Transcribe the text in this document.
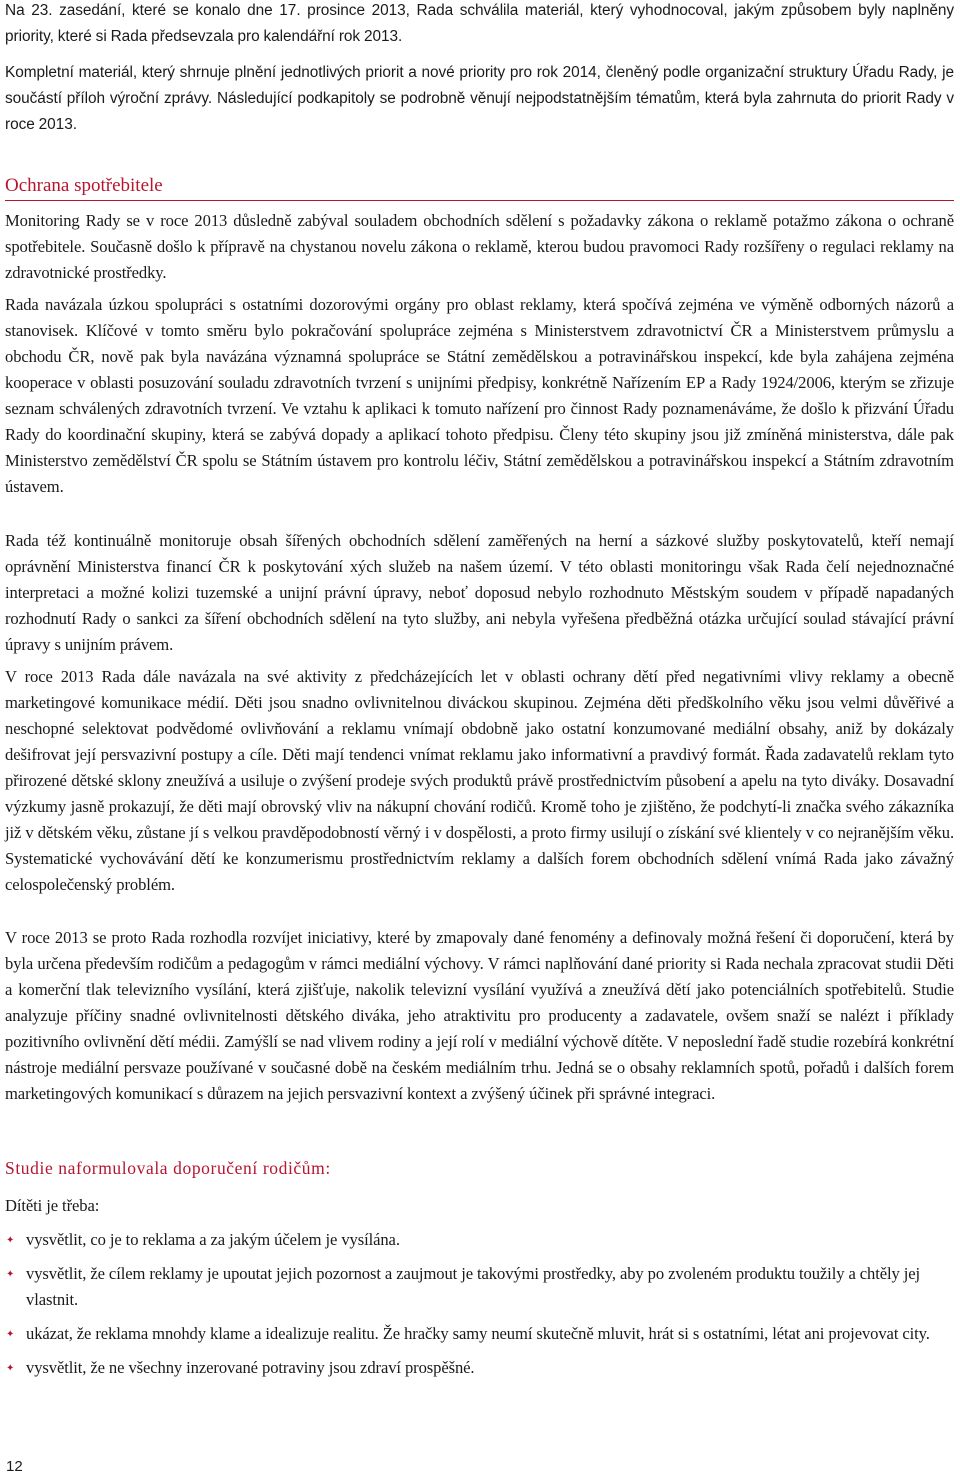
Na 23. zasedání, které se konalo dne 17. prosince 2013, Rada schválila materiál, který vyhodnocoval, jakým způsobem byly naplněny priority, které si Rada předsevzala pro kalendářní rok 2013.

Kompletní materiál, který shrnuje plnění jednotlivých priorit a nové priority pro rok 2014, členěný podle organizační struktury Úřadu Rady, je součástí příloh výroční zprávy. Následující podkapitoly se podrobně věnují nejpodstatnějším tématům, která byla zahrnuta do priorit Rady v roce 2013.

Ochrana spotřebitele

Monitoring Rady se v roce 2013 důsledně zabýval souladem obchodních sdělení s požadavky zákona o reklamě potažmo zákona o ochraně spotřebitele. Současně došlo k přípravě na chystanou novelu zákona o reklamě, kterou budou pravomoci Rady rozšířeny o regulaci reklamy na zdravotnické prostředky.

Rada navázala úzkou spolupráci s ostatními dozorovými orgány pro oblast reklamy, která spočívá zejména ve výměně odborných názorů a stanovisek. Klíčové v tomto směru bylo pokračování spolupráce zejména s Ministerstvem zdravotnictví ČR a Ministerstvem průmyslu a obchodu ČR, nově pak byla navázána významná spolupráce se Státní zemědělskou a potravinářskou inspekcí, kde byla zahájena zejména kooperace v oblasti posuzování souladu zdravotních tvrzení s unijními předpisy, konkrétně Nařízením EP a Rady 1924/2006, kterým se zřizuje seznam schválených zdravotních tvrzení. Ve vztahu k aplikaci k tomuto nařízení pro činnost Rady poznamenáváme, že došlo k přizvání Úřadu Rady do koordinační skupiny, která se zabývá dopady a aplikací tohoto předpisu. Členy této skupiny jsou již zmíněná ministerstva, dále pak Ministerstvo zemědělství ČR spolu se Státním ústavem pro kontrolu léčiv, Státní zemědělskou a potravinářskou inspekcí a Státním zdravotním ústavem.

Rada též kontinuálně monitoruje obsah šířených obchodních sdělení zaměřených na herní a sázkové služby poskytovatelů, kteří nemají oprávnění Ministerstva financí ČR k poskytování xých služeb na našem území. V této oblasti monitoringu však Rada čelí nejednoznačné interpretaci a možné kolizi tuzemské a unijní právní úpravy, neboť doposud nebylo rozhodnuto Městským soudem v případě napadaných rozhodnutí Rady o sankci za šíření obchodních sdělení na tyto služby, ani nebyla vyřešena předběžná otázka určující soulad stávající právní úpravy s unijním právem.

V roce 2013 Rada dále navázala na své aktivity z předcházejících let v oblasti ochrany dětí před negativními vlivy reklamy a obecně marketingové komunikace médií. Děti jsou snadno ovlivnitelnou diváckou skupinou. Zejména děti předškolního věku jsou velmi důvěřivé a neschopné selektovat podvědomé ovlivňování a reklamu vnímají obdobně jako ostatní konzumované mediální obsahy, aniž by dokázaly dešifrovat její persvazivní postupy a cíle. Děti mají tendenci vnímat reklamu jako informativní a pravdivý formát. Řada zadavatelů reklam tyto přirozené dětské sklony zneužívá a usiluje o zvýšení prodeje svých produktů právě prostřednictvím působení a apelu na tyto diváky. Dosavadní výzkumy jasně prokazují, že děti mají obrovský vliv na nákupní chování rodičů. Kromě toho je zjištěno, že podchytí-li značka svého zákazníka již v dětském věku, zůstane jí s velkou pravděpodobností věrný i v dospělosti, a proto firmy usilují o získání své klientely v co nejranějším věku. Systematické vychovávání dětí ke konzumerismu prostřednictvím reklamy a dalších forem obchodních sdělení vnímá Rada jako závažný celospolečenský problém.

V roce 2013 se proto Rada rozhodla rozvíjet iniciativy, které by zmapovaly dané fenomény a definovaly možná řešení či doporučení, která by byla určena především rodičům a pedagogům v rámci mediální výchovy. V rámci naplňování dané priority si Rada nechala zpracovat studii Děti a komerční tlak televizního vysílání, která zjišťuje, nakolik televizní vysílání využívá a zneužívá dětí jako potenciálních spotřebitelů. Studie analyzuje příčiny snadné ovlivnitelnosti dětského diváka, jeho atraktivitu pro producenty a zadavatele, ovšem snaží se nalézt i příklady pozitivního ovlivnění dětí médii. Zamýšlí se nad vlivem rodiny a její rolí v mediální výchově dítěte. V neposlední řadě studie rozebírá konkrétní nástroje mediální persvaze používané v současné době na českém mediálním trhu. Jedná se o obsahy reklamních spotů, pořadů i dalších forem marketingových komunikací s důrazem na jejich persvazivní kontext a zvýšený účinek při správné integraci.

Studie naformulovala doporučení rodičům:

Dítěti je třeba:

✦ vysvětlit, co je to reklama a za jakým účelem je vysílána.
✦ vysvětlit, že cílem reklamy je upoutat jejich pozornost a zaujmout je takovými prostředky, aby po zvoleném produktu toužily a chtěly jej vlastnit.
✦ ukázat, že reklama mnohdy klame a idealizuje realitu. Že hračky samy neumí skutečně mluvit, hrát si s ostatními, létat ani projevovat city.
✦ vysvětlit, že ne všechny inzerované potraviny jsou zdraví prospěšné.
12
